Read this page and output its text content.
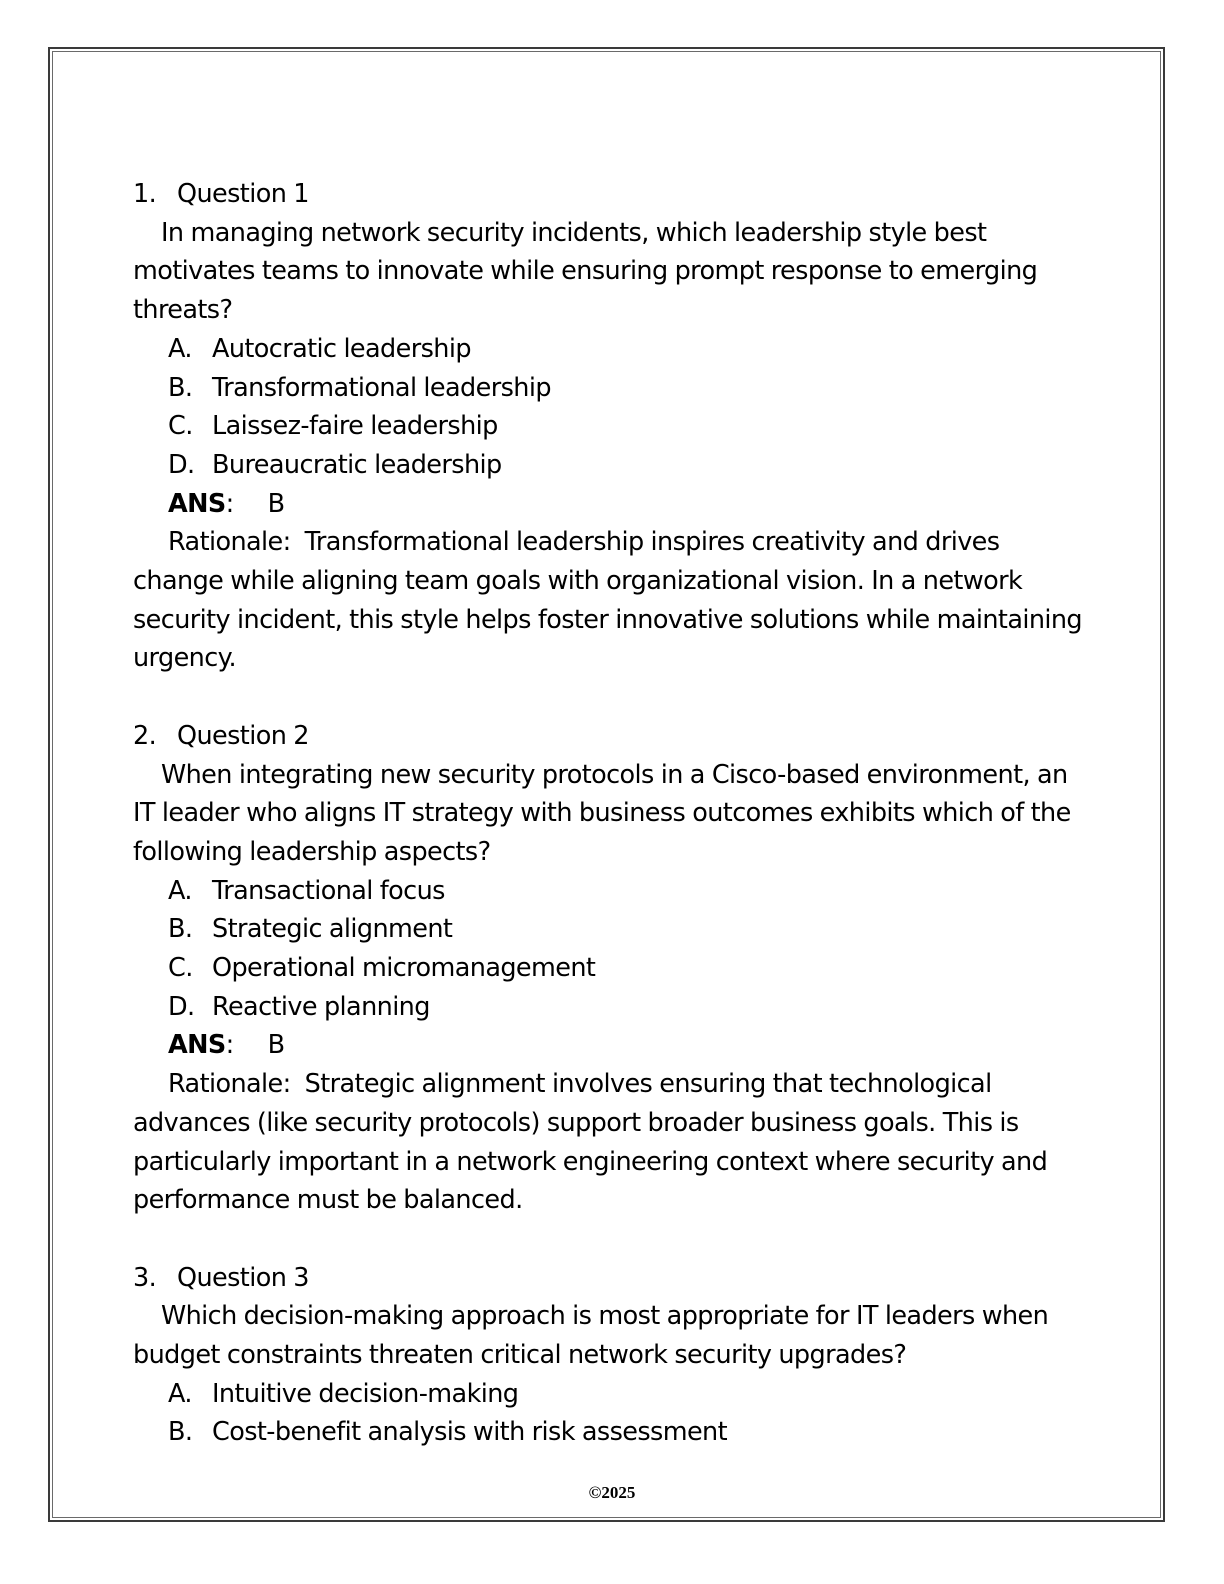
1. Question 1
In managing network security incidents, which leadership style best motivates teams to innovate while ensuring prompt response to emerging threats?
A. Autocratic leadership
B. Transformational leadership
C. Laissez-faire leadership
D. Bureaucratic leadership
ANS: B
Rationale: Transformational leadership inspires creativity and drives change while aligning team goals with organizational vision. In a network security incident, this style helps foster innovative solutions while maintaining urgency.
2. Question 2
When integrating new security protocols in a Cisco-based environment, an IT leader who aligns IT strategy with business outcomes exhibits which of the following leadership aspects?
A. Transactional focus
B. Strategic alignment
C. Operational micromanagement
D. Reactive planning
ANS: B
Rationale: Strategic alignment involves ensuring that technological advances (like security protocols) support broader business goals. This is particularly important in a network engineering context where security and performance must be balanced.
3. Question 3
Which decision-making approach is most appropriate for IT leaders when budget constraints threaten critical network security upgrades?
A. Intuitive decision-making
B. Cost-benefit analysis with risk assessment
©2025
